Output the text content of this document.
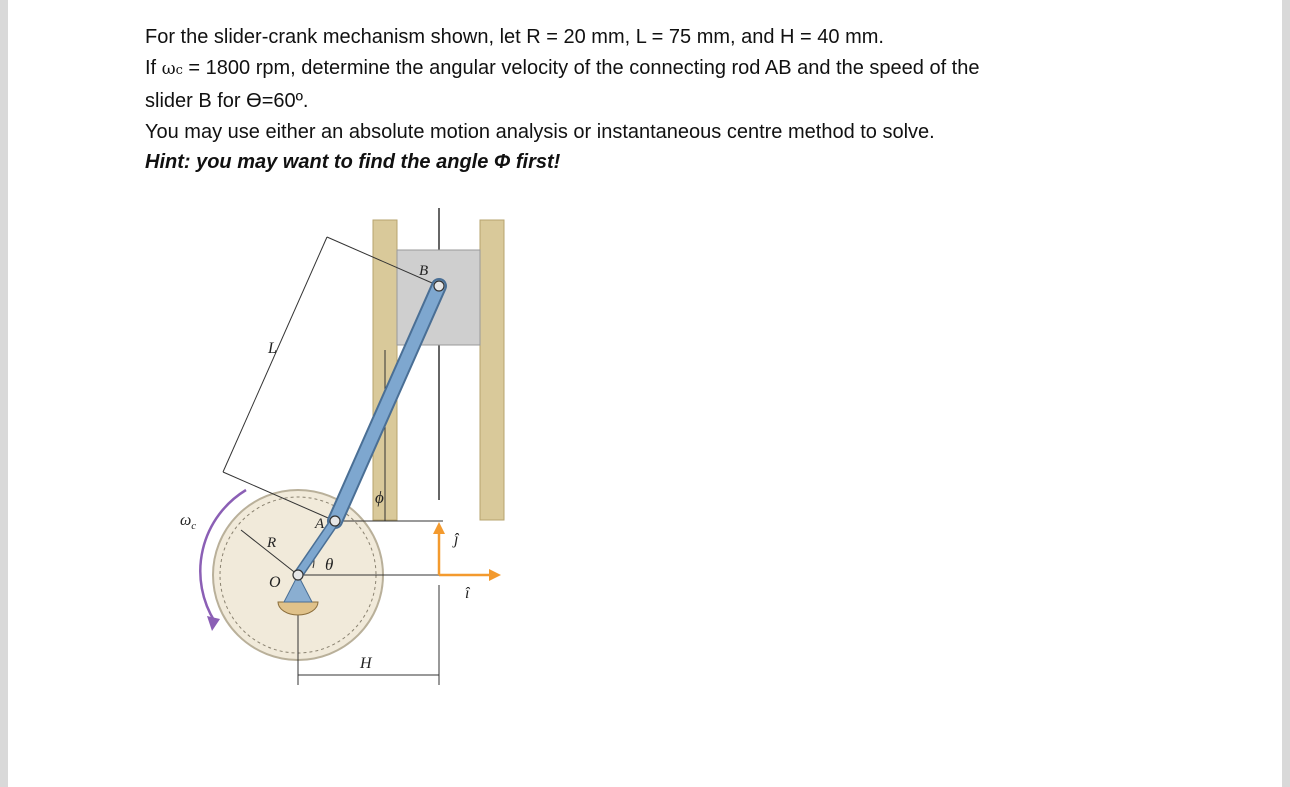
For the slider-crank mechanism shown, let R = 20 mm, L = 75 mm, and H = 40 mm.
If ωc = 1800 rpm, determine the angular velocity of the connecting rod AB and the speed of the
slider B for ϴ=60º.
You may use either an absolute motion analysis or instantaneous centre method to solve.
Hint: you may want to find the angle Φ first!
L
B
A
R
O
θ
ϕ
H
ĵ
î
$\omega_c$
